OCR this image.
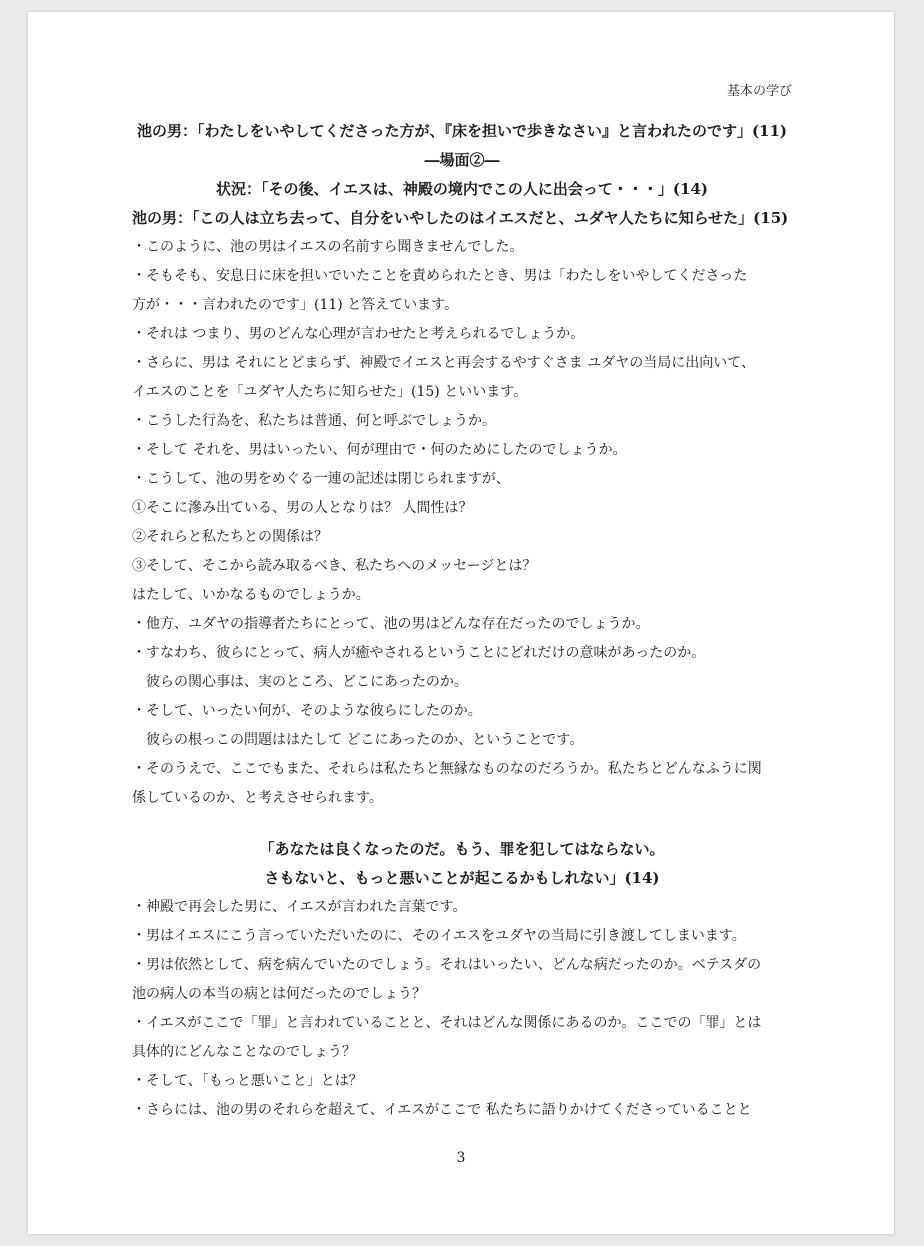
基本の学び
池の男：「わたしをいやしてくださった方が、『床を担いで歩きなさい』と言われたのです」(11)
―場面②―
状況：「その後、イエスは、神殿の境内でこの人に出会って・・・」(14)
池の男：「この人は立ち去って、自分をいやしたのはイエスだと、ユダヤ人たちに知らせた」(15)
・このように、池の男はイエスの名前すら聞きませんでした。
・そもそも、安息日に床を担いでいたことを責められたとき、男は「わたしをいやしてくださった
方が・・・言われたのです」(11) と答えています。
・それは つまり、男のどんな心理が言わせたと考えられるでしょうか。
・さらに、男は それにとどまらず、神殿でイエスと再会するやすぐさま ユダヤの当局に出向いて、
イエスのことを「ユダヤ人たちに知らせた」(15) といいます。
・こうした行為を、私たちは普通、何と呼ぶでしょうか。
・そして それを、男はいったい、何が理由で・何のためにしたのでしょうか。
・こうして、池の男をめぐる一連の記述は閉じられますが、
①そこに滲み出ている、男の人となりは？ 人間性は？
②それらと私たちとの関係は？
③そして、そこから読み取るべき、私たちへのメッセージとは？
はたして、いかなるものでしょうか。
・他方、ユダヤの指導者たちにとって、池の男はどんな存在だったのでしょうか。
・すなわち、彼らにとって、病人が癒やされるということにどれだけの意味があったのか。
　彼らの関心事は、実のところ、どこにあったのか。
・そして、いったい何が、そのような彼らにしたのか。
　彼らの根っこの問題ははたして どこにあったのか、ということです。
・そのうえで、ここでもまた、それらは私たちと無縁なものなのだろうか。私たちとどんなふうに関
係しているのか、と考えさせられます。
「あなたは良くなったのだ。もう、罪を犯してはならない。
さもないと、もっと悪いことが起こるかもしれない」(14)
・神殿で再会した男に、イエスが言われた言葉です。
・男はイエスにこう言っていただいたのに、そのイエスをユダヤの当局に引き渡してしまいます。
・男は依然として、病を病んでいたのでしょう。それはいったい、どんな病だったのか。ベテスダの
池の病人の本当の病とは何だったのでしょう？
・イエスがここで「罪」と言われていることと、それはどんな関係にあるのか。ここでの「罪」とは
具体的にどんなことなのでしょう？
・そして、「もっと悪いこと」とは？
・さらには、池の男のそれらを超えて、イエスがここで 私たちに語りかけてくださっていることと
3
